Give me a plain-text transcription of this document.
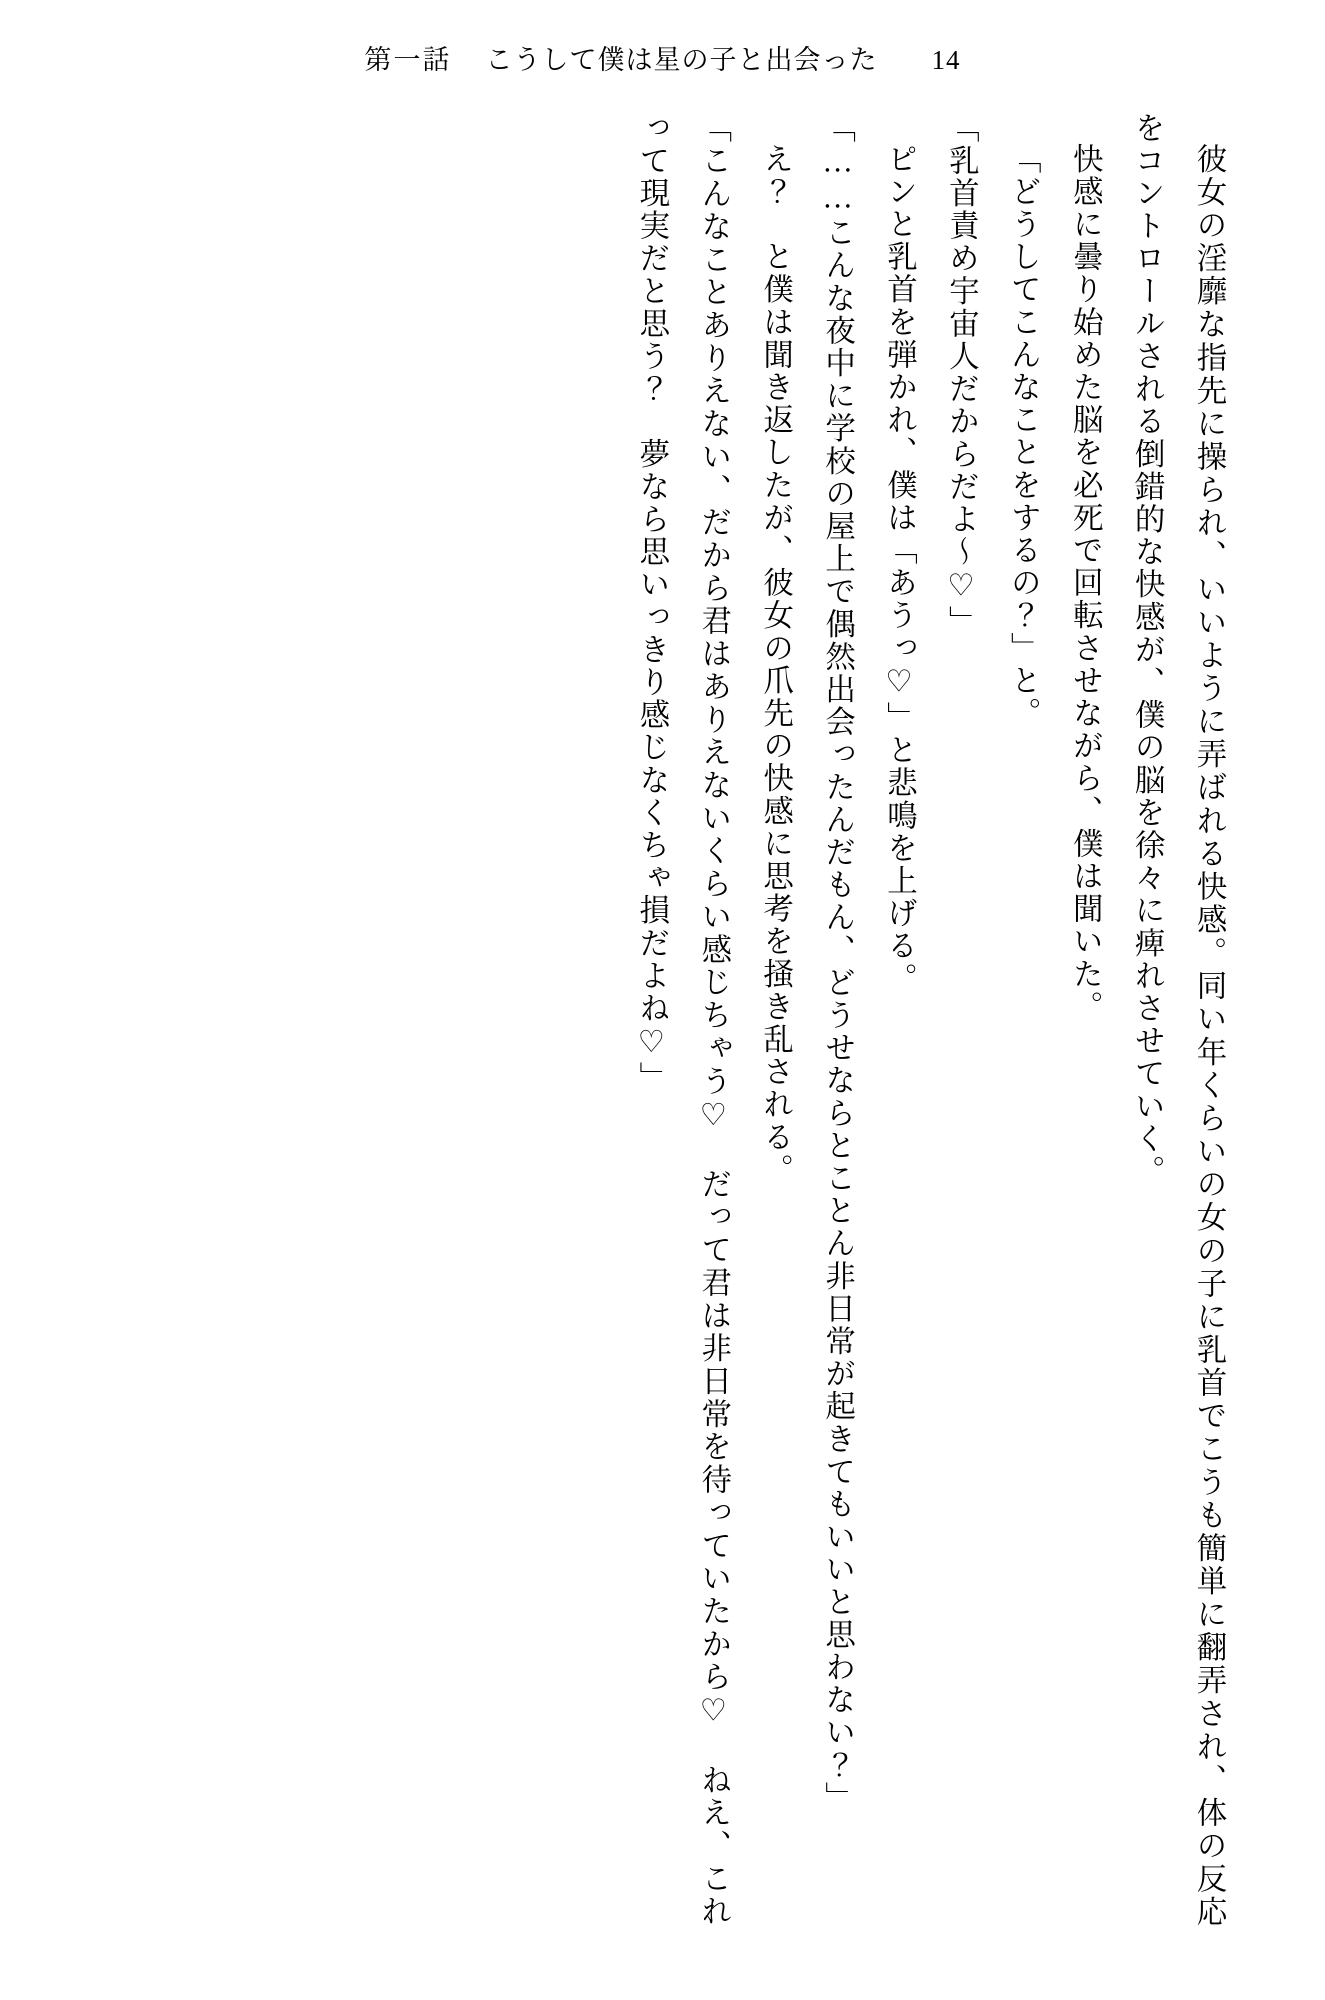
第一話 こうして僕は星の子と出会った 14

彼女の淫靡な指先に操られ、いいように弄ばれる快感。同い年くらいの女の子に乳首でこうも簡単に翻弄され、体の反応をコントロールされる倒錯的な快感が、僕の脳を徐々に痺れさせていく。

快感に曇り始めた脳を必死で回転させながら、僕は聞いた。

「どうしてこんなことをするの？」と。

「乳首責め宇宙人だからだよ～♡」

ピンと乳首を弾かれ、僕は「あうっ♡」と悲鳴を上げる。

「……こんな夜中に学校の屋上で偶然出会ったんだもん、どうせならとことん非日常が起きてもいいと思わない？」

え？　と僕は聞き返したが、彼女の爪先の快感に思考を掻き乱される。

「こんなことありえない、だから君はありえないくらい感じちゃう♡　だって君は非日常を待っていたから♡　ねえ、これって現実だと思う？　夢なら思いっきり感じなくちゃ損だよね♡」
